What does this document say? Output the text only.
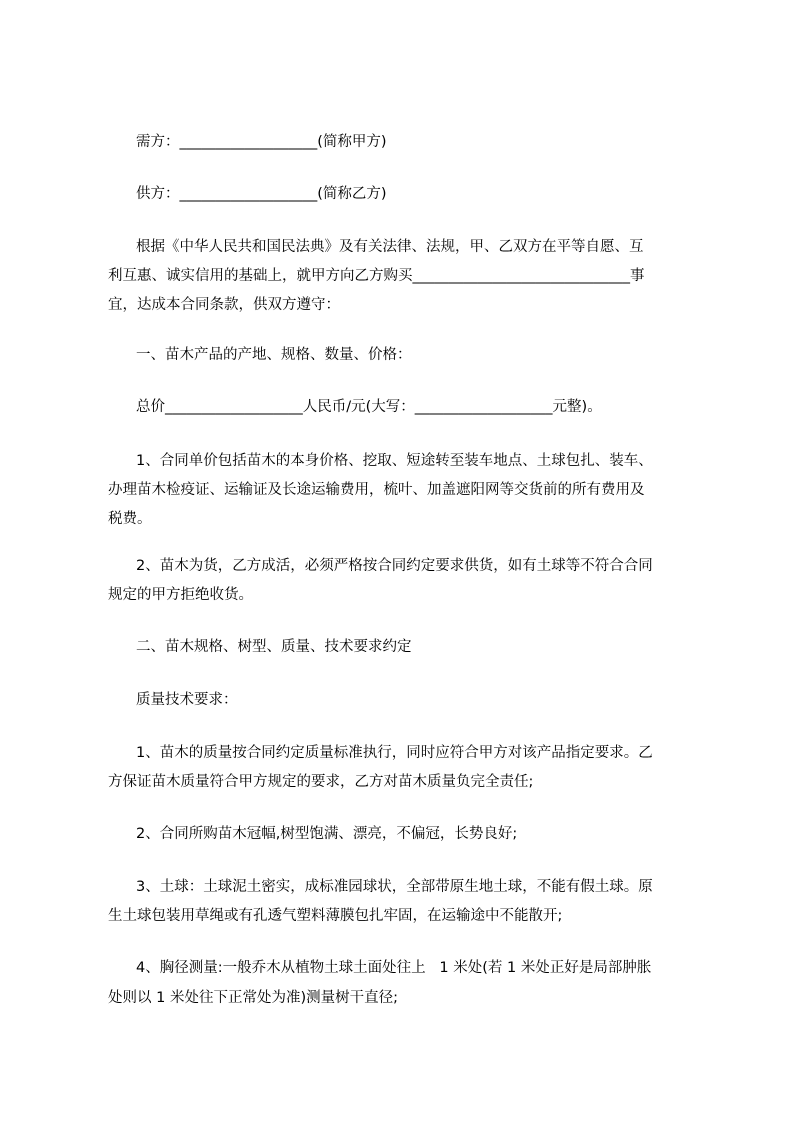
需方：___________________(简称甲方)
供方：___________________(简称乙方)
根据《中华人民共和国民法典》及有关法律、法规，甲、乙双方在平等自愿、互
利互惠、诚实信用的基础上，就甲方向乙方购买______________________________事
宜，达成本合同条款，供双方遵守：
一、苗木产品的产地、规格、数量、价格：
总价___________________人民币/元(大写：___________________元整)。
1、合同单价包括苗木的本身价格、挖取、短途转至装车地点、土球包扎、装车、
办理苗木检疫证、运输证及长途运输费用，梳叶、加盖遮阳网等交货前的所有费用及
税费。
2、苗木为货，乙方成活，必须严格按合同约定要求供货，如有土球等不符合合同
规定的甲方拒绝收货。
二、苗木规格、树型、质量、技术要求约定
质量技术要求：
1、苗木的质量按合同约定质量标准执行，同时应符合甲方对该产品指定要求。乙
方保证苗木质量符合甲方规定的要求，乙方对苗木质量负完全责任;
2、合同所购苗木冠幅,树型饱满、漂亮，不偏冠，长势良好;
3、土球：土球泥土密实，成标准园球状，全部带原生地土球，不能有假土球。原
生土球包装用草绳或有孔透气塑料薄膜包扎牢固，在运输途中不能散开;
4、胸径测量:一般乔木从植物土球土面处往上   1 米处(若 1 米处正好是局部肿胀
处则以 1 米处往下正常处为准)测量树干直径;
